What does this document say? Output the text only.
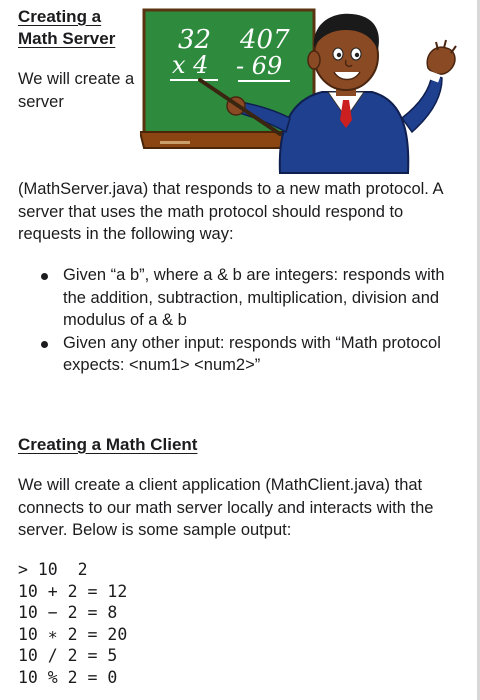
Creating a Math Server
We will create a server
32 407
x 4 - 69
(MathServer.java) that responds to a new math protocol. A server that uses the math protocol should respond to requests in the following way:
Given “a b”, where a & b are integers: responds with the addition, subtraction, multiplication, division and modulus of a & b
Given any other input: responds with “Math protocol expects: <num1> <num2>”
Creating a Math Client
We will create a client application (MathClient.java) that connects to our math server locally and interacts with the server. Below is some sample output:
> 10  2
10 + 2 = 12
10 − 2 = 8
10 ∗ 2 = 20
10 / 2 = 5
10 % 2 = 0
